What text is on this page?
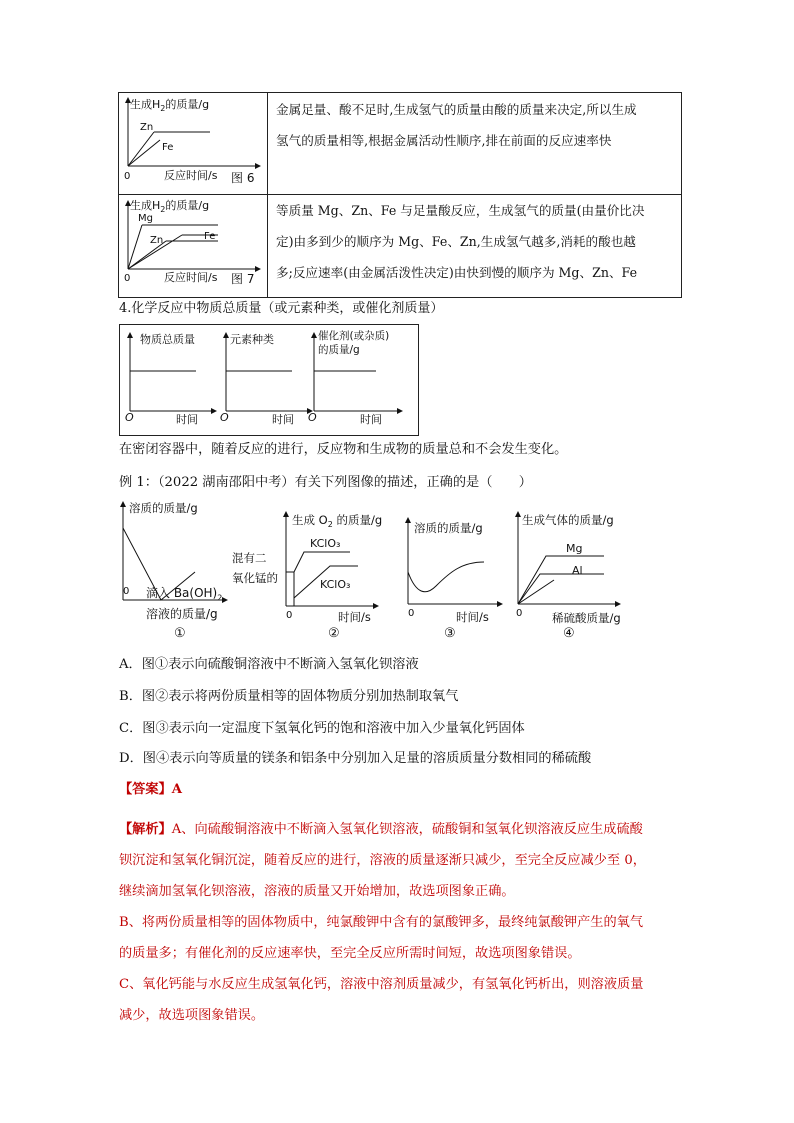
生成$H_2$的质量/g
Zn
Fe
0	反应时间/s 图 6
金属足量、酸不足时,生成氢气的质量由酸的质量来决定,所以生成
氢气的质量相等,根据金属活动性顺序,排在前面的反应速率快
生成$H_2$的质量/g
Mg
Zn	Fe
0	反应时间/s 图 7
等质量 Mg、Zn、Fe 与足量酸反应，生成氢气的质量(由量价比决
定)由多到少的顺序为 Mg、Fe、Zn,生成氢气越多,消耗的酸也越
多;反应速率(由金属活泼性决定)由快到慢的顺序为 Mg、Zn、Fe
4.化学反应中物质总质量（或元素种类，或催化剂质量）
物质总质量
O	时间
元素种类
O	时间
催化剂(或杂质)
的质量/g
O	时间
在密闭容器中，随着反应的进行，反应物和生成物的质量总和不会发生变化。
例 1：（2022 湖南邵阳中考）有关下列图像的描述，正确的是（　　）
溶质的质量/g
0 滴入 $Ba(OH)_2$
溶液的质量/g
①
生成 $O_2$ 的质量/g
混有二
氧化锰的
KClO₃
KClO₃
0	时间/s
②
溶质的质量/g
0	时间/s
③
生成气体的质量/g
Mg
Al
0	稀硫酸质量/g
④
A．图①表示向硫酸铜溶液中不断滴入氢氧化钡溶液
B．图②表示将两份质量相等的固体物质分别加热制取氧气
C．图③表示向一定温度下氢氧化钙的饱和溶液中加入少量氧化钙固体
D．图④表示向等质量的镁条和铝条中分别加入足量的溶质质量分数相同的稀硫酸
【答案】A
【解析】A、向硫酸铜溶液中不断滴入氢氧化钡溶液，硫酸铜和氢氧化钡溶液反应生成硫酸
钡沉淀和氢氧化铜沉淀，随着反应的进行，溶液的质量逐渐只减少，至完全反应减少至 0，
继续滴加氢氧化钡溶液，溶液的质量又开始增加，故选项图象正确。
B、将两份质量相等的固体物质中，纯氯酸钾中含有的氯酸钾多，最终纯氯酸钾产生的氧气
的质量多；有催化剂的反应速率快，至完全反应所需时间短，故选项图象错误。
C、氧化钙能与水反应生成氢氧化钙，溶液中溶剂质量减少，有氢氧化钙析出，则溶液质量
减少，故选项图象错误。
